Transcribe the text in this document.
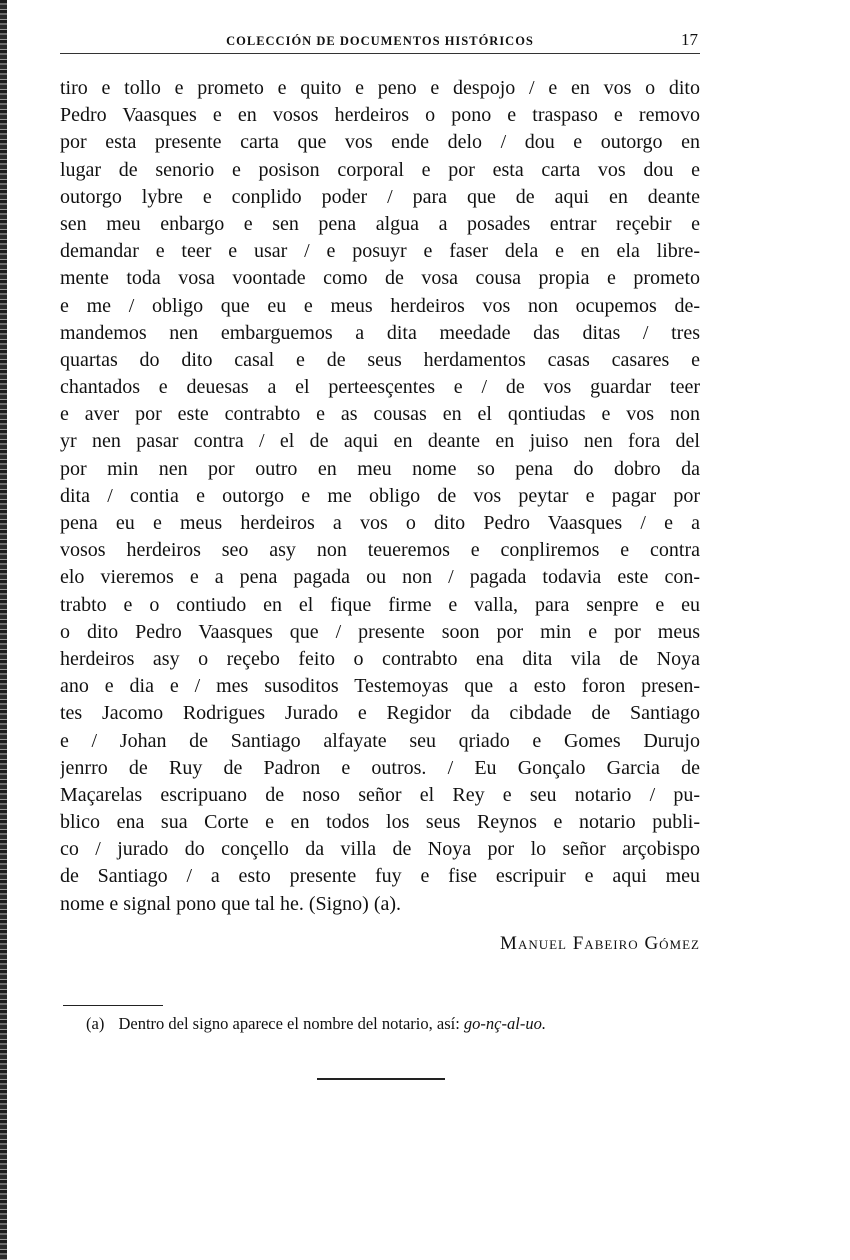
COLECCIÓN DE DOCUMENTOS HISTÓRICOS	17
tiro e tollo e prometo e quito e peno e despojo / e en vos o dito
Pedro Vaasques e en vosos herdeiros o pono e traspaso e removo
por esta presente carta que vos ende delo / dou e outorgo en
lugar de senorio e posison corporal e por esta carta vos dou e
outorgo lybre e conplido poder / para que de aqui en deante
sen meu enbargo e sen pena algua a posades entrar reçebir e
demandar e teer e usar / e posuyr e faser dela e en ela libre-
mente toda vosa voontade como de vosa cousa propia e prometo
e me / obligo que eu e meus herdeiros vos non ocupemos de-
mandemos nen embarguemos a dita meedade das ditas / tres
quartas do dito casal e de seus herdamentos casas casares e
chantados e deuesas a el perteesçentes e / de vos guardar teer
e aver por este contrabto e as cousas en el qontiudas e vos non
yr nen pasar contra / el de aqui en deante en juiso nen fora del
por min nen por outro en meu nome so pena do dobro da
dita / contia e outorgo e me obligo de vos peytar e pagar por
pena eu e meus herdeiros a vos o dito Pedro Vaasques / e a
vosos herdeiros seo asy non teueremos e conpliremos e contra
elo vieremos e a pena pagada ou non / pagada todavia este con-
trabto e o contiudo en el fique firme e valla, para senpre e eu
o dito Pedro Vaasques que / presente soon por min e por meus
herdeiros asy o reçebo feito o contrabto ena dita vila de Noya
ano e dia e / mes susoditos Testemoyas que a esto foron presen-
tes Jacomo Rodrigues Jurado e Regidor da cibdade de Santiago
e / Johan de Santiago alfayate seu qriado e Gomes Durujo
jenrro de Ruy de Padron e outros. / Eu Gonçalo Garcia de
Maçarelas escripuano de noso señor el Rey e seu notario / pu-
blico ena sua Corte e en todos los seus Reynos e notario publi-
co / jurado do conçello da villa de Noya por lo señor arçobispo
de Santiago / a esto presente fuy e fise escripuir e aqui meu
nome e signal pono que tal he. (Signo) (a).
Manuel Fabeiro Gómez
(a) Dentro del signo aparece el nombre del notario, así: go-nç-al-uo.
